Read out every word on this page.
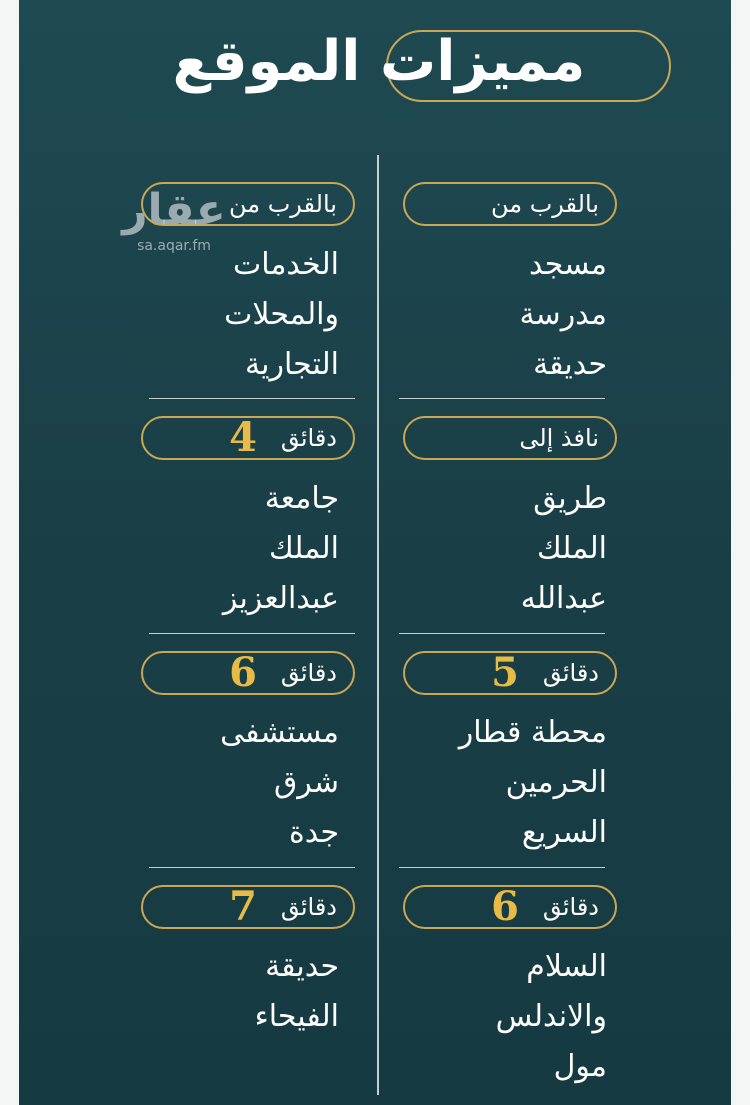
مميزات الموقع
عقار
sa.aqar.fm
بالقرب من
مسجد
مدرسة
حديقة
بالقرب من
الخدمات
والمحلات
التجارية
نافذ إلى
طريق
الملك
عبدالله
4 دقائق
جامعة
الملك
عبدالعزيز
5 دقائق
محطة قطار
الحرمين
السريع
6 دقائق
مستشفى
شرق
جدة
6 دقائق
السلام
والاندلس
مول
7 دقائق
حديقة
الفيحاء
